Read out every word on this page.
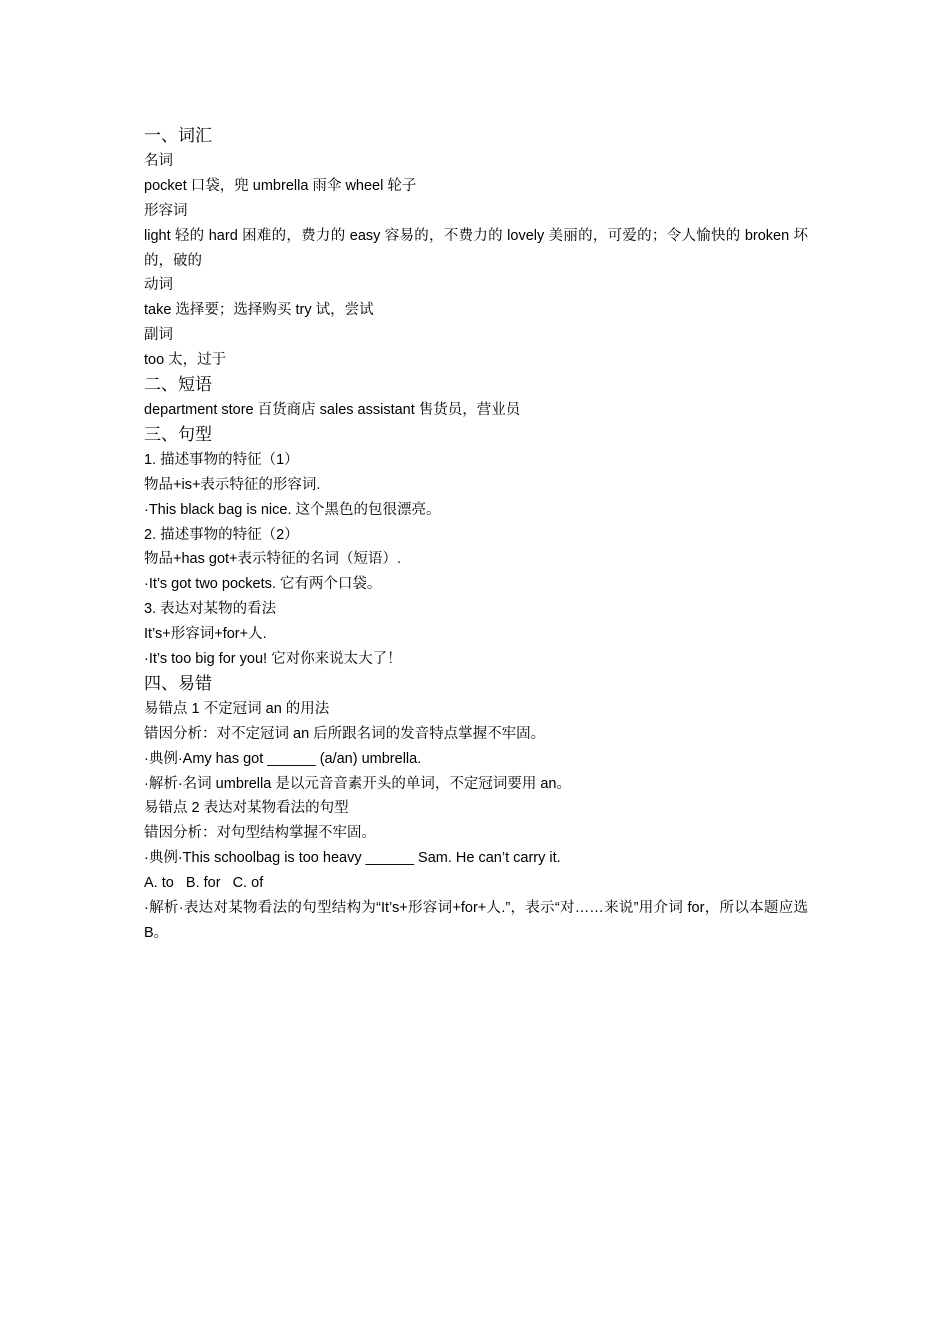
一、词汇

名词

pocket 口袋，兜 umbrella 雨伞 wheel 轮子

形容词

light 轻的 hard 困难的，费力的 easy 容易的，不费力的 lovely 美丽的，可爱的；令人愉快的 broken 坏的，破的

动词

take 选择要；选择购买 try 试，尝试

副词

too 太，过于

二、短语

department store 百货商店 sales assistant 售货员，营业员

三、句型

1. 描述事物的特征（1）

物品+is+表示特征的形容词.

·This black bag is nice. 这个黑色的包很漂亮。

2. 描述事物的特征（2）

物品+has got+表示特征的名词（短语）.

·It’s got two pockets. 它有两个口袋。

3. 表达对某物的看法

It’s+形容词+for+人.

·It’s too big for you! 它对你来说太大了！

四、易错

易错点 1 不定冠词 an 的用法

错因分析：对不定冠词 an 后所跟名词的发音特点掌握不牢固。

·典例·Amy has got ______ (a/an) umbrella.

·解析·名词 umbrella 是以元音音素开头的单词，不定冠词要用 an。

易错点 2 表达对某物看法的句型

错因分析：对句型结构掌握不牢固。

·典例·This schoolbag is too heavy ______ Sam. He can’t carry it.

A. to   B. for   C. of

·解析·表达对某物看法的句型结构为“It’s+形容词+for+人.”，表示“对……来说”用介词 for，所以本题应选 B。
